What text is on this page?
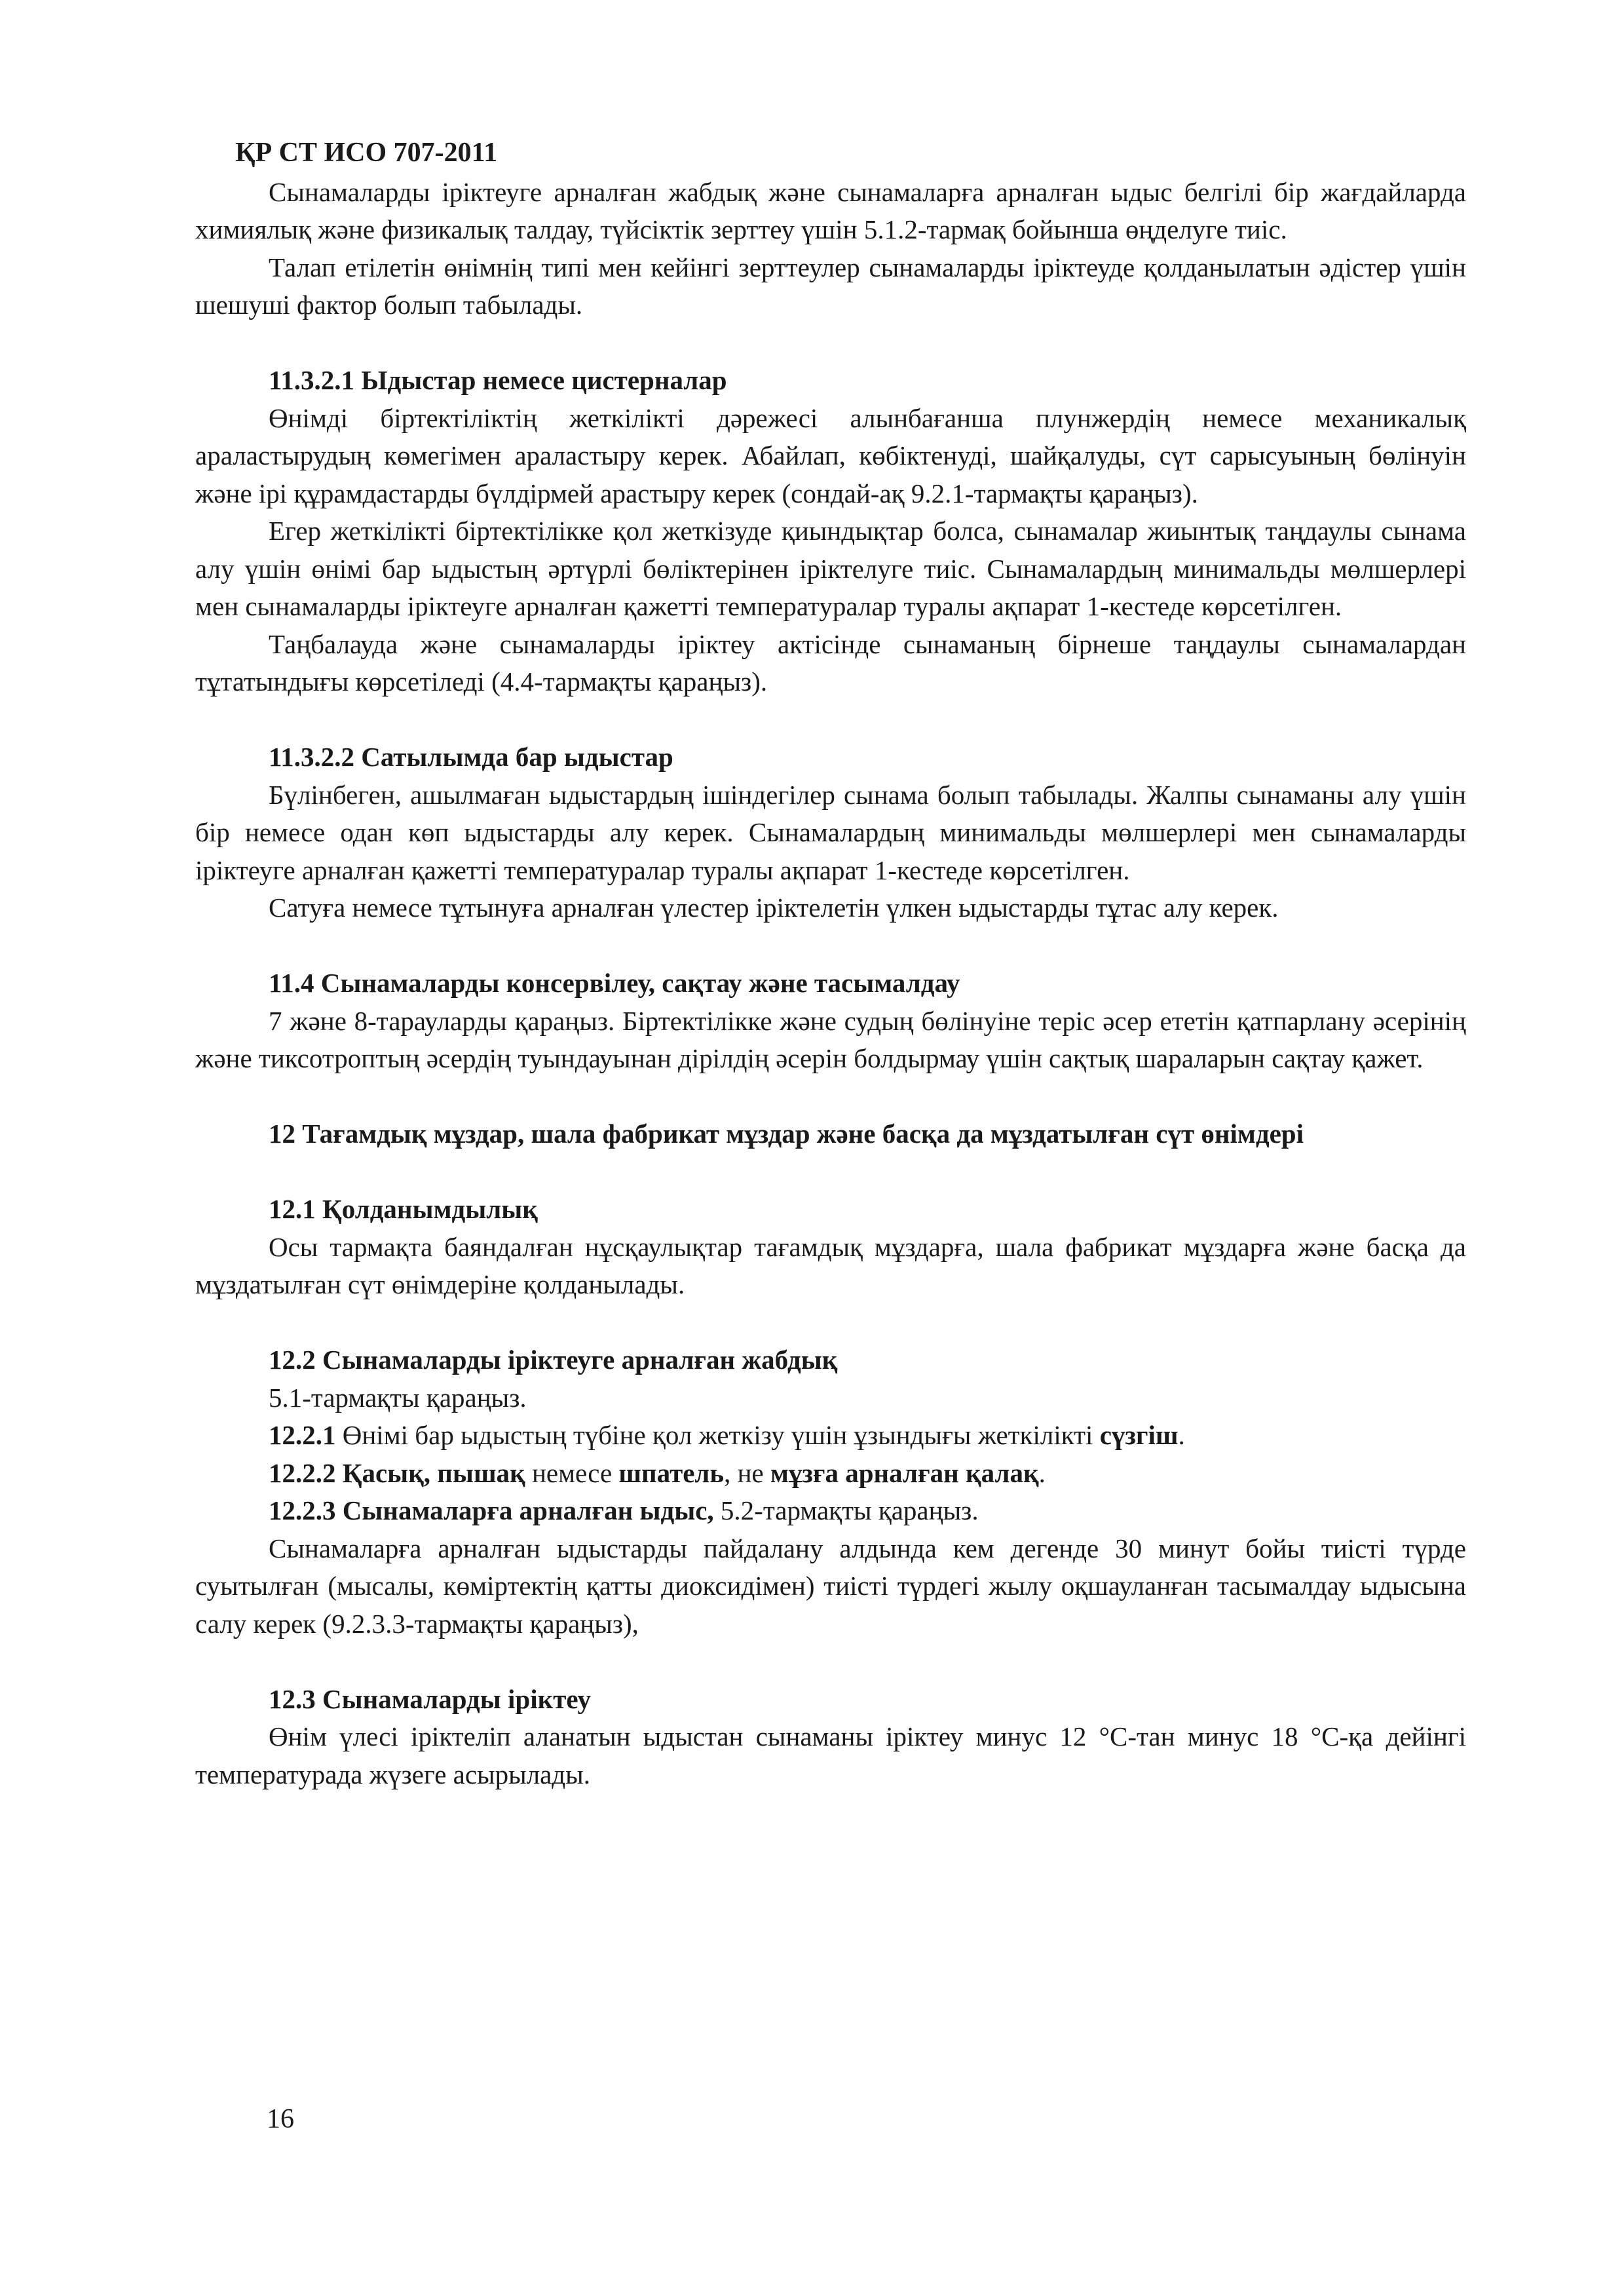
ҚР СТ ИСО 707-2011

Сынамаларды іріктеуге арналған жабдық және сынамаларға арналған ыдыс белгілі бір жағдайларда химиялық және физикалық талдау, түйсіктік зерттеу үшін 5.1.2-тармақ бойынша өңделуге тиіс.

Талап етілетін өнімнің типі мен кейінгі зерттеулер сынамаларды іріктеуде қолданылатын әдістер үшін шешуші фактор болып табылады.

11.3.2.1 Ыдыстар немесе цистерналар

Өнімді біртектіліктің жеткілікті дәрежесі алынбағанша плунжердің немесе механикалық араластырудың көмегімен араластыру керек. Абайлап, көбіктенуді, шайқалуды, сүт сарысуының бөлінуін және ірі құрамдастарды бүлдірмей арастыру керек (сондай-ақ 9.2.1-тармақты қараңыз).

Егер жеткілікті біртектілікке қол жеткізуде қиындықтар болса, сынамалар жиынтық таңдаулы сынама алу үшін өнімі бар ыдыстың әртүрлі бөліктерінен іріктелуге тиіс. Сынамалардың минимальды мөлшерлері мен сынамаларды іріктеуге арналған қажетті температуралар туралы ақпарат 1-кестеде көрсетілген.

Таңбалауда және сынамаларды іріктеу актісінде сынаманың бірнеше таңдаулы сынамалардан тұтатындығы көрсетіледі (4.4-тармақты қараңыз).

11.3.2.2 Сатылымда бар ыдыстар

Бүлінбеген, ашылмаған ыдыстардың ішіндегілер сынама болып табылады. Жалпы сынаманы алу үшін бір немесе одан көп ыдыстарды алу керек. Сынамалардың минимальды мөлшерлері мен сынамаларды іріктеуге арналған қажетті температуралар туралы ақпарат 1-кестеде көрсетілген.

Сатуға немесе тұтынуға арналған үлестер іріктелетін үлкен ыдыстарды тұтас алу керек.

11.4 Сынамаларды консервілеу, сақтау және тасымалдау

7 және 8-тарауларды қараңыз. Біртектілікке және судың бөлінуіне теріс әсер ететін қатпарлану әсерінің және тиксотроптың әсердің туындауынан дірілдің әсерін болдырмау үшін сақтық шараларын сақтау қажет.

12 Тағамдық мұздар, шала фабрикат мұздар және басқа да мұздатылған сүт өнімдері
12.1 Қолданымдылық

Осы тармақта баяндалған нұсқаулықтар тағамдық мұздарға, шала фабрикат мұздарға және басқа да мұздатылған сүт өнімдеріне қолданылады.

12.2 Сынамаларды іріктеуге арналған жабдық

5.1-тармақты қараңыз.

12.2.1 Өнімі бар ыдыстың түбіне қол жеткізу үшін ұзындығы жеткілікті сүзгіш.

12.2.2 Қасық, пышақ немесе шпатель, не мұзға арналған қалақ.

12.2.3 Сынамаларға арналған ыдыс, 5.2-тармақты қараңыз.

Сынамаларға арналған ыдыстарды пайдалану алдында кем дегенде 30 минут бойы тиісті түрде суытылған (мысалы, көміртектің қатты диоксидімен) тиісті түрдегі жылу оқшауланған тасымалдау ыдысына салу керек (9.2.3.3-тармақты қараңыз),

12.3 Сынамаларды іріктеу

Өнім үлесі іріктеліп аланатын ыдыстан сынаманы іріктеу минус 12 °С-тан минус 18 °С-қа дейінгі температурада жүзеге асырылады.

16
